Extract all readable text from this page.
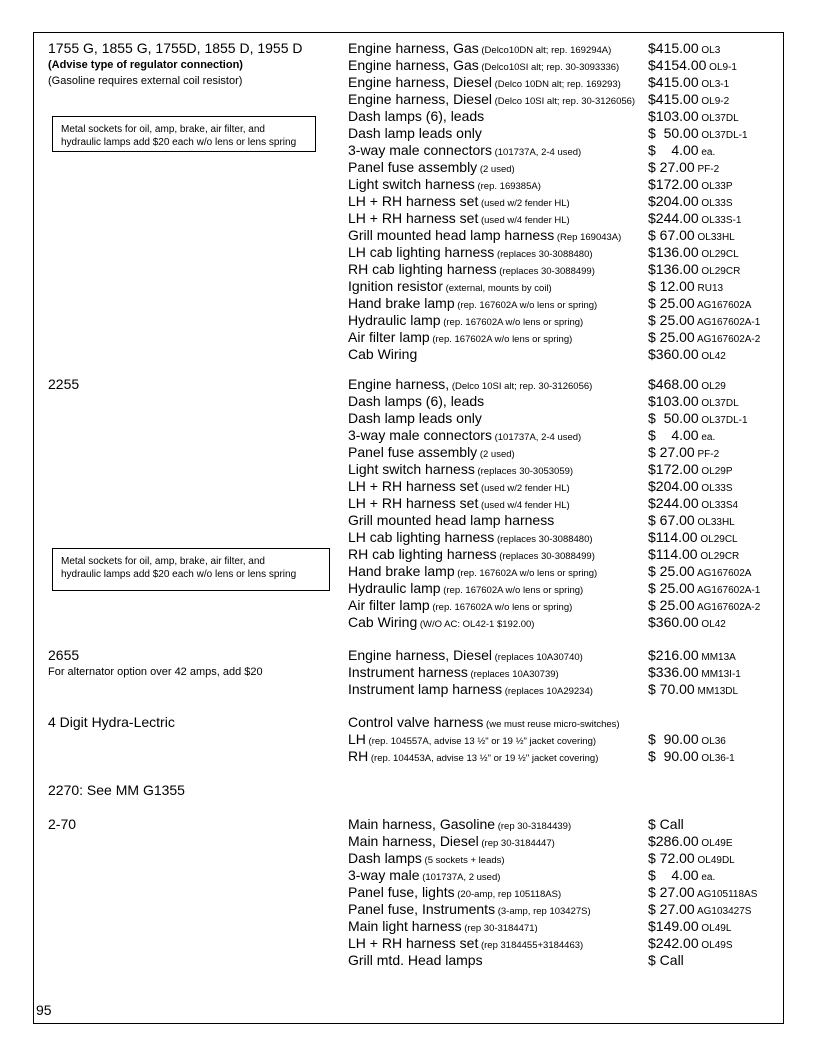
1755 G, 1855 G, 1755D, 1855 D, 1955 D
(Advise type of regulator connection)
(Gasoline requires external coil resistor)
Engine harness, Gas (Delco10DN alt; rep. 169294A)	$415.00 OL3
Engine harness, Gas (Delco10SI alt; rep. 30-3093336) $4154.00 OL9-1
Engine harness, Diesel (Delco 10DN alt; rep. 169293) $415.00 OL3-1
Engine harness, Diesel (Delco 10SI alt; rep. 30-3126056) $415.00 OL9-2
Dash lamps (6), leads	$103.00 OL37DL
Dash lamp leads only	$  50.00 OL37DL-1
3-way male connectors (101737A, 2-4 used)	$    4.00 ea.
Panel fuse assembly (2 used)	$ 27.00 PF-2
Light switch harness (rep. 169385A)	$172.00 OL33P
LH + RH harness set (used w/2 fender HL)	$204.00 OL33S
LH + RH harness set (used w/4 fender HL)	$244.00 OL33S-1
Grill mounted head lamp harness (Rep 169043A) $ 67.00 OL33HL
LH cab lighting harness (replaces 30-3088480)	$136.00 OL29CL
RH cab lighting harness (replaces 30-3088499)	$136.00 OL29CR
Ignition resistor (external, mounts by coil)	$ 12.00 RU13
Hand brake lamp (rep. 167602A w/o lens or spring)	$ 25.00 AG167602A
Hydraulic lamp (rep. 167602A w/o lens or spring)	$ 25.00 AG167602A-1
Air filter lamp (rep. 167602A w/o lens or spring)	$ 25.00 AG167602A-2
Cab Wiring	$360.00 OL42
Metal sockets for oil, amp, brake, air filter, and
hydraulic lamps add $20 each w/o lens or lens spring
2255	Engine harness, (Delco 10SI alt; rep. 30-3126056)	$468.00 OL29
Dash lamps (6), leads	$103.00 OL37DL
Dash lamp leads only	$  50.00 OL37DL-1
3-way male connectors (101737A, 2-4 used)	$    4.00 ea.
Panel fuse assembly (2 used)	$ 27.00 PF-2
Light switch harness (replaces 30-3053059)	$172.00 OL29P
LH + RH harness set (used w/2 fender HL)	$204.00 OL33S
LH + RH harness set (used w/4 fender HL)	$244.00 OL33S4
Grill mounted head lamp harness	$ 67.00 OL33HL
LH cab lighting harness (replaces 30-3088480)	$114.00 OL29CL
RH cab lighting harness (replaces 30-3088499)	$114.00 OL29CR
Hand brake lamp (rep. 167602A w/o lens or spring)	$ 25.00 AG167602A
Hydraulic lamp (rep. 167602A w/o lens or spring)	$ 25.00 AG167602A-1
Air filter lamp (rep. 167602A w/o lens or spring)	$ 25.00 AG167602A-2
Cab Wiring (W/O AC: OL42-1 $192.00)	$360.00 OL42
Metal sockets for oil, amp, brake, air filter, and
hydraulic lamps add $20 each w/o lens or lens spring
2655
For alternator option over 42 amps, add $20
Engine harness, Diesel (replaces 10A30740)	$216.00 MM13A
Instrument harness (replaces 10A30739)	$336.00 MM13I-1
Instrument lamp harness (replaces 10A29234)	$ 70.00 MM13DL
4 Digit Hydra-Lectric	Control valve harness (we must reuse micro-switches)
LH (rep. 104557A, advise 13 ½" or 19 ½" jacket covering)	$  90.00 OL36
RH (rep. 104453A, advise 13 ½" or 19 ½" jacket covering)	$  90.00 OL36-1
2270: See MM G1355
2-70	Main harness, Gasoline (rep 30-3184439)	$ Call
Main harness, Diesel (rep 30-3184447)	$286.00 OL49E
Dash lamps (5 sockets + leads)	$ 72.00 OL49DL
3-way male (101737A, 2 used)	$    4.00 ea.
Panel fuse, lights (20-amp, rep 105118AS)	$ 27.00 AG105118AS
Panel fuse, Instruments (3-amp, rep 103427S)	$ 27.00 AG103427S
Main light harness (rep 30-3184471)	$149.00 OL49L
LH + RH harness set (rep 3184455+3184463)	$242.00 OL49S
Grill mtd. Head lamps	$ Call
95
